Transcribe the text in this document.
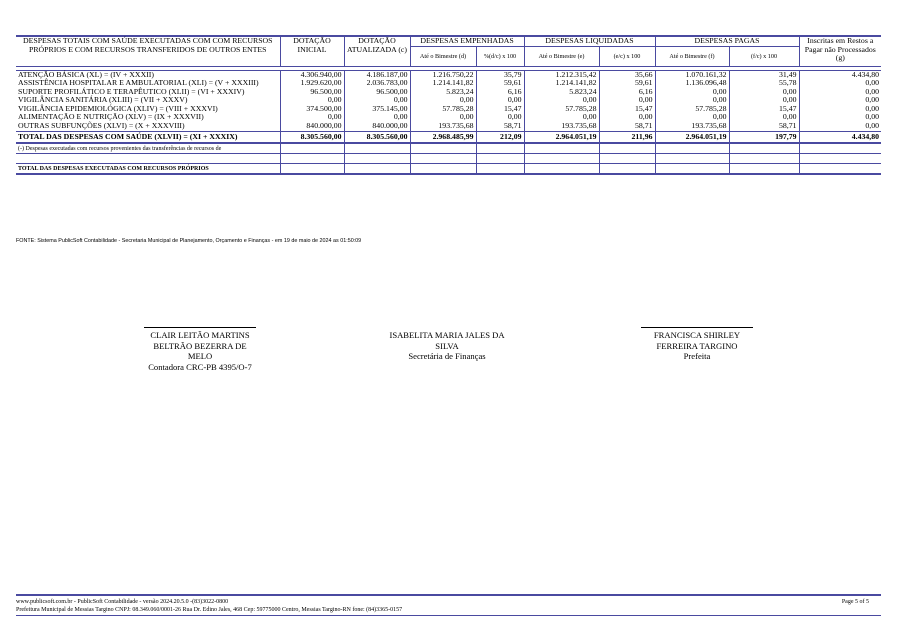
DESPESAS TOTAIS COM SAÚDE EXECUTADAS COM COM RECURSOS PRÓPRIOS E COM RECURSOS TRANSFERIDOS DE OUTROS ENTES	DOTAÇÃO INICIAL	DOTAÇÃO ATUALIZADA (c)	DESPESAS EMPENHADAS		DESPESAS LIQUIDADAS		DESPESAS PAGAS		Inscritas em Restos a Pagar não Processados (g)
			Até o Bimestre (d)	%(d/c) x 100	Até o Bimestre (e)	(e/c) x 100	Até o Bimestre (f)	(f/c) x 100	

ATENÇÃO BÁSICA (XL) = (IV + XXXII)	4.306.940,00	4.186.187,00	1.216.750,22	35,79	1.212.315,42	35,66	1.070.161,32	31,49	4.434,80
ASSISTÊNCIA HOSPITALAR E AMBULATORIAL (XLI) = (V + XXXIII)	1.929.620,00	2.036.783,00	1.214.141,82	59,61	1.214.141,82	59,61	1.136.096,48	55,78	0,00
SUPORTE PROFILÁTICO E TERAPÊUTICO (XLII) = (VI + XXXIV)	96.500,00	96.500,00	5.823,24	6,16	5.823,24	6,16	0,00	0,00	0,00
VIGILÂNCIA SANITÁRIA (XLIII) = (VII + XXXV)	0,00	0,00	0,00	0,00	0,00	0,00	0,00	0,00	0,00
VIGILÂNCIA EPIDEMIOLÓGICA (XLIV) = (VIII + XXXVI)	374.500,00	375.145,00	57.785,28	15,47	57.785,28	15,47	57.785,28	15,47	0,00
ALIMENTAÇÃO E NUTRIÇÃO (XLV) = (IX + XXXVII)	0,00	0,00	0,00	0,00	0,00	0,00	0,00	0,00	0,00
OUTRAS SUBFUNÇÕES (XLVI) = (X + XXXVIII)	840.000,00	840.000,00	193.735,68	58,71	193.735,68	58,71	193.735,68	58,71	0,00
TOTAL DAS DESPESAS COM SAÚDE (XLVII) = (XI + XXXIX)	8.305.560,00	8.305.560,00	2.968.485,99	212,09	2.964.051,19	211,96	2.964.051,19	197,79	4.434,80
(-) Despesas executadas com recursos provenientes das transferências de recursos de									

TOTAL DAS DESPESAS EXECUTADAS COM RECURSOS PRÓPRIOS									
FONTE: Sistema PublicSoft Contabilidade - Secretaria Municipal de Planejamento, Orçamento e Finanças - em 19 de maio de 2024 as 01:50:09
CLAIR LEITÃO MARTINS
BELTRÃO BEZERRA DE
MELO
Contadora CRC-PB 4395/O-7
ISABELITA MARIA JALES DA
SILVA
Secretária de Finanças
FRANCISCA SHIRLEY
FERREIRA TARGINO
Prefeita
www.publicsoft.com.br - PublicSoft Contabilidade - versão 2024.20.5.0 -(83)3022-0800
Prefeitura Municipal de Messias Targino CNPJ: 08.349.060/0001-26 Rua Dr. Edino Jales, 468 Cep: 59775000 Centro, Messias Targino-RN fone: (84)3365-0157
Page 5 of 5
